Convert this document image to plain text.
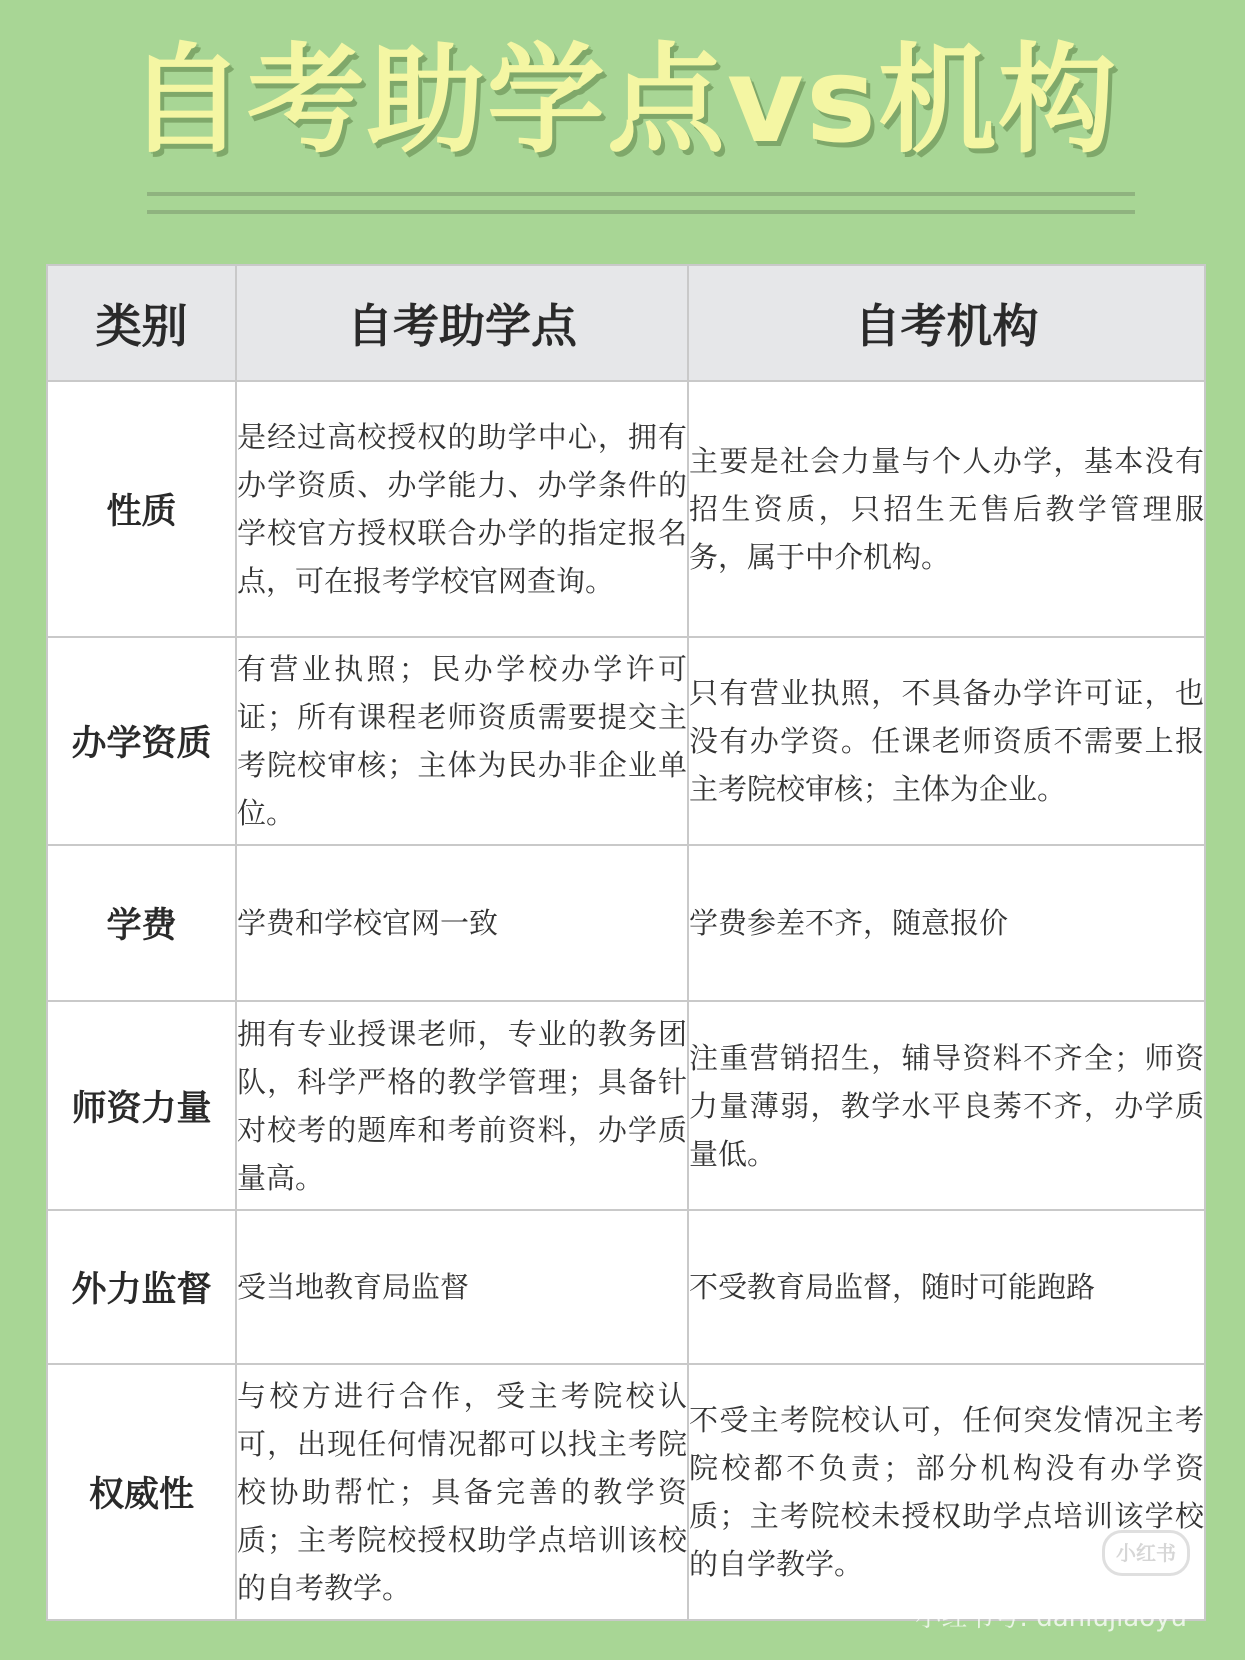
自考助学点vs机构
类别	自考助学点	自考机构
性质	是经过高校授权的助学中心，拥有办学资质、办学能力、办学条件的学校官方授权联合办学的指定报名点，可在报考学校官网查询。	主要是社会力量与个人办学，基本没有招生资质，只招生无售后教学管理服务，属于中介机构。
办学资质	有营业执照；民办学校办学许可证；所有课程老师资质需要提交主考院校审核；主体为民办非企业单位。	只有营业执照，不具备办学许可证，也没有办学资。任课老师资质不需要上报主考院校审核；主体为企业。
学费	学费和学校官网一致	学费参差不齐，随意报价
师资力量	拥有专业授课老师，专业的教务团队，科学严格的教学管理；具备针对校考的题库和考前资料，办学质量高。	注重营销招生，辅导资料不齐全；师资力量薄弱，教学水平良莠不齐，办学质量低。
外力监督	受当地教育局监督	不受教育局监督，随时可能跑路
权威性	与校方进行合作，受主考院校认可，出现任何情况都可以找主考院校协助帮忙；具备完善的教学资质；主考院校授权助学点培训该校的自考教学。	不受主考院校认可，任何突发情况主考院校都不负责；部分机构没有办学资质；主考院校未授权助学点培训该学校的自学教学。	小红书
小红书号: daniujiaoyu
